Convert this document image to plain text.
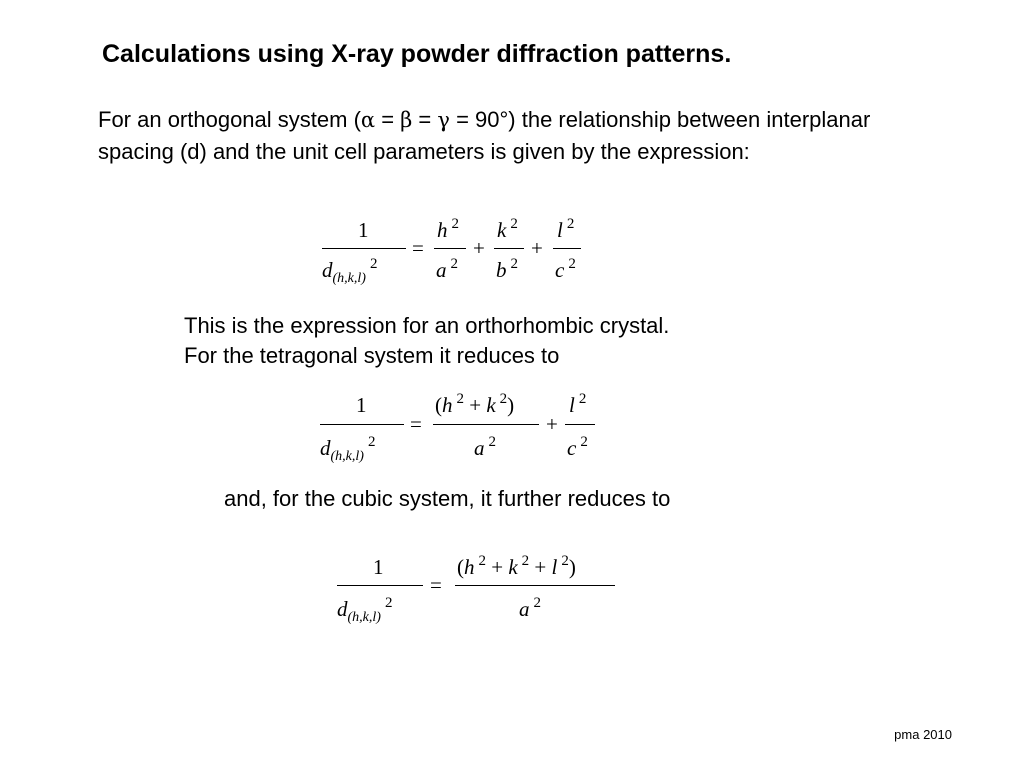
Calculations using X-ray powder diffraction patterns.
For an orthogonal system (α = β = γ = 90°) the relationship between interplanar spacing (d) and the unit cell parameters is given by the expression:
1
$d_{(h,k,l)}^2$
=
h $^2$
a $^2$
+
k $^2$
b $^2$
+
l $^2$
c $^2$
This is the expression for an orthorhombic crystal.
For the tetragonal system it reduces to
1
$d_{(h,k,l)}^2$
=
(h $^2$ + k $^2$)
a $^2$
+
l $^2$
c $^2$
and, for the cubic system, it further reduces to
1
$d_{(h,k,l)}^2$
=
(h $^2$ + k $^2$ + l $^2$)
a $^2$
pma 2010
